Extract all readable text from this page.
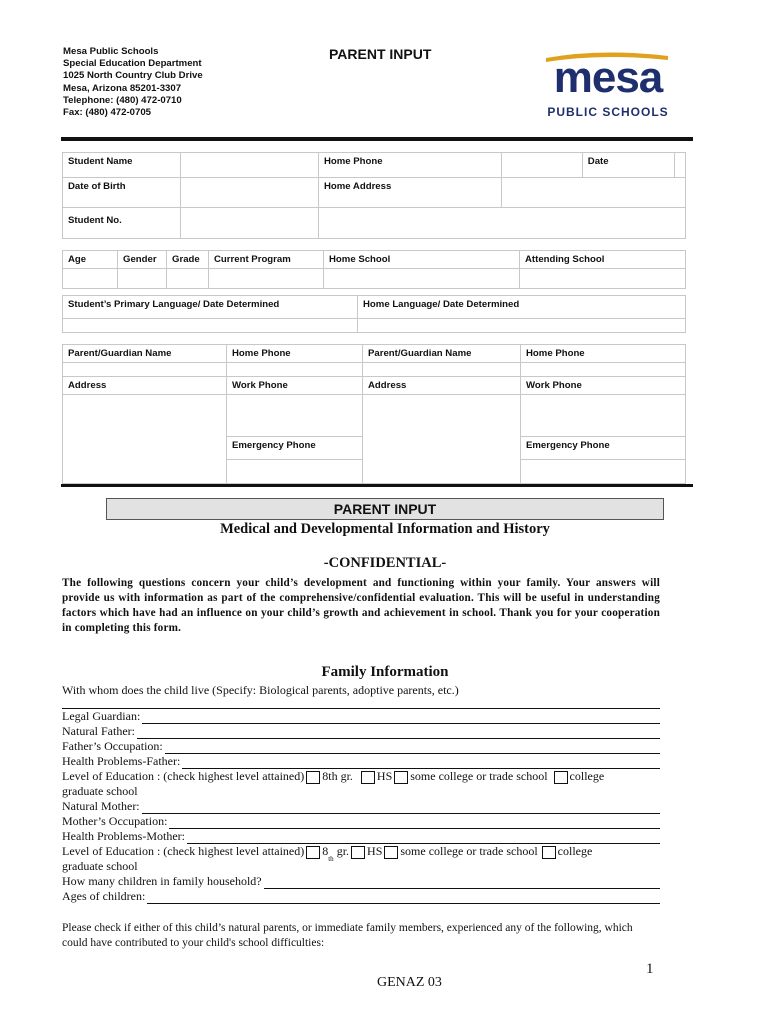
Mesa Public Schools
Special Education Department
1025 North Country Club Drive
Mesa, Arizona 85201-3307
Telephone: (480) 472-0710
Fax: (480) 472-0705
PARENT INPUT	mesa
PUBLIC SCHOOLS
Student Name		Home Phone		Date	
Date of Birth		Home Address			
Student No.					
Age	Gender	Grade	Current Program	Home School	Attending School

Student’s Primary Language/ Date Determined	Home Language/ Date Determined

Parent/Guardian Name	Home Phone	Parent/Guardian Name	Home Phone

Address	Work Phone	Address	Work Phone

	Emergency Phone		Emergency Phone

PARENT INPUT
Medical and Developmental Information and History
-CONFIDENTIAL-
The following questions concern your child’s development and functioning within your family. Your answers will provide us with information as part of the comprehensive/confidential evaluation. This will be useful in understanding factors which have had an influence on your child’s growth and achievement in school. Thank you for your cooperation in completing this form.
Family Information
With whom does the child live (Specify: Biological parents, adoptive parents, etc.)
Legal Guardian:
Natural Father:
Father’s Occupation:
Health Problems-Father:
Level of Education : (check highest level attained) 8th gr. HS some college or trade school college
graduate school
Natural Mother:
Mother’s Occupation:
Health Problems-Mother:
Level of Education : (check highest level attained) 8
th
gr. HS some college or trade school college
graduate school
How many children in family household?
Ages of children:
Please check if either of this child’s natural parents, or immediate family members, experienced any of the following, which could have contributed to your child's school difficulties:
1
GENAZ 03
